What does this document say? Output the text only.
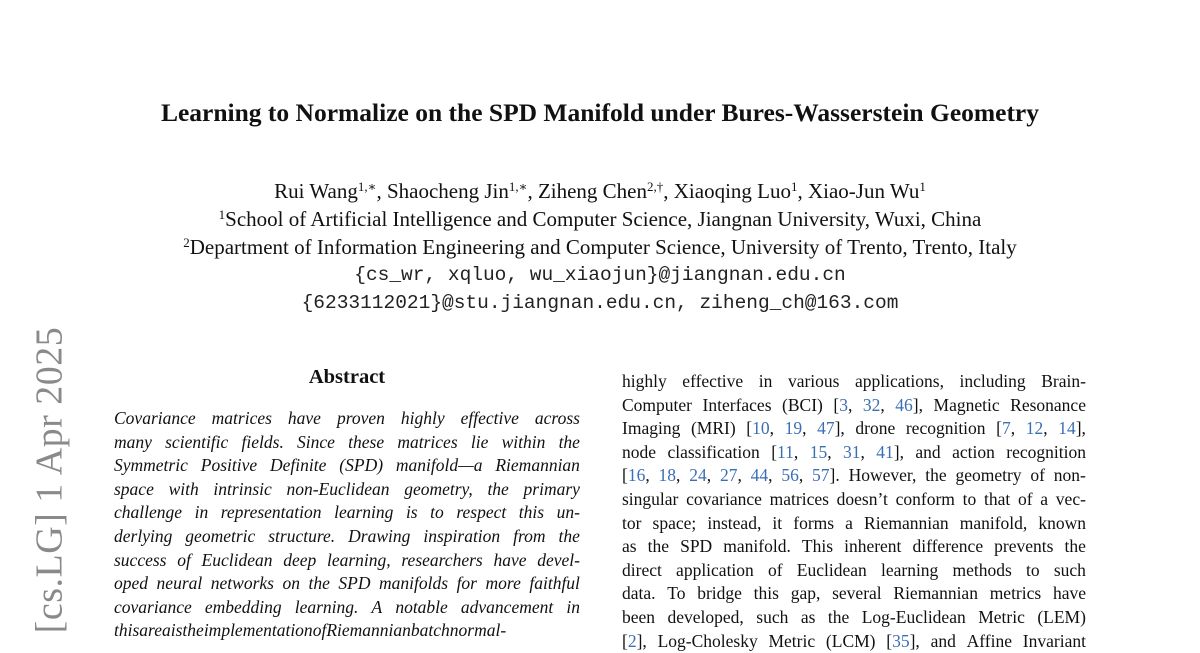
[cs.LG] 1 Apr 2025
Learning to Normalize on the SPD Manifold under Bures-Wasserstein Geometry
Rui Wang$^{1,∗}$, Shaocheng Jin$^{1,∗}$, Ziheng Chen$^{2,\dagger}$, Xiaoqing Luo$^1$, Xiao-Jun Wu$^1$
$^1$School of Artificial Intelligence and Computer Science, Jiangnan University, Wuxi, China
$^2$Department of Information Engineering and Computer Science, University of Trento, Trento, Italy
{cs_wr, xqluo, wu_xiaojun}@jiangnan.edu.cn
{6233112021}@stu.jiangnan.edu.cn, ziheng_ch@163.com
Abstract
Covariance matrices have proven highly effective across
many scientific fields. Since these matrices lie within the
Symmetric Positive Definite (SPD) manifold—a Riemannian
space with intrinsic non-Euclidean geometry, the primary
challenge in representation learning is to respect this un-
derlying geometric structure. Drawing inspiration from the
success of Euclidean deep learning, researchers have devel-
oped neural networks on the SPD manifolds for more faithful
covariance embedding learning. A notable advancement in
this area is the implementation of Riemannian batch normal-
highly effective in various applications, including Brain-
Computer Interfaces (BCI) [3, 32, 46], Magnetic Resonance
Imaging (MRI) [10, 19, 47], drone recognition [7, 12, 14],
node classification [11, 15, 31, 41], and action recognition
[16, 18, 24, 27, 44, 56, 57]. However, the geometry of non-
singular covariance matrices doesn’t conform to that of a vec-
tor space; instead, it forms a Riemannian manifold, known
as the SPD manifold. This inherent difference prevents the
direct application of Euclidean learning methods to such
data. To bridge this gap, several Riemannian metrics have
been developed, such as the Log-Euclidean Metric (LEM)
[2], Log-Cholesky Metric (LCM) [35], and Affine Invariant
